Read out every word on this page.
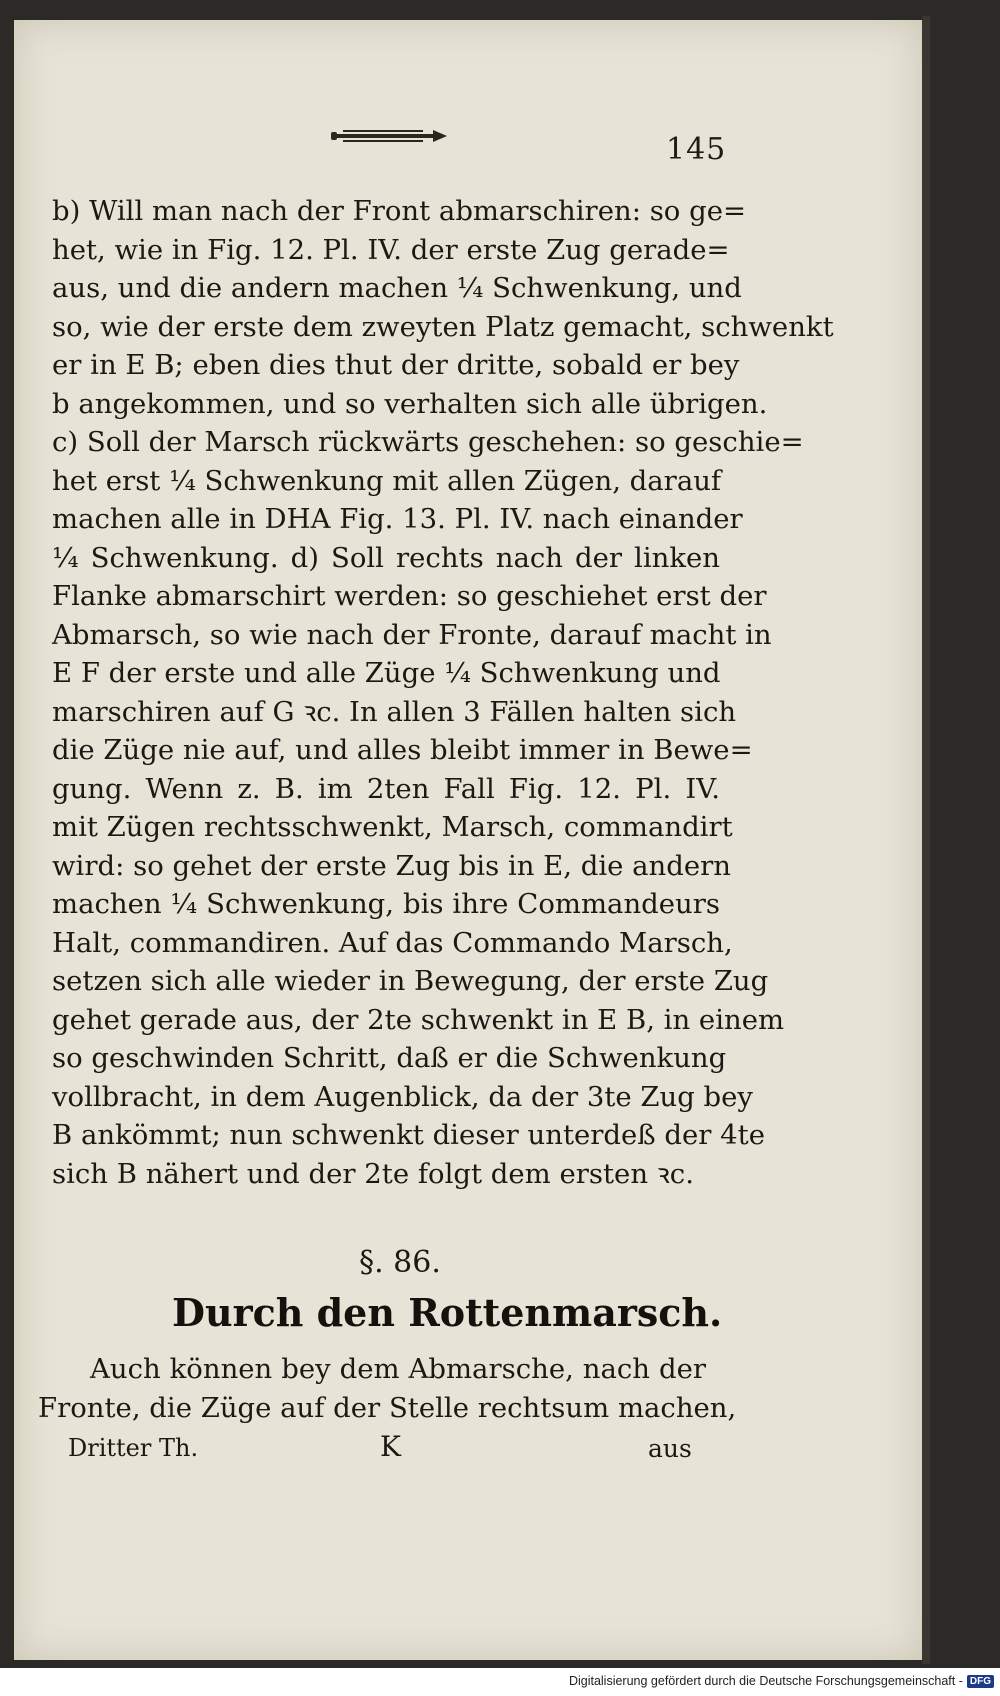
145
b) Will man nach der Front abmarschiren: so ge=
het, wie in Fig. 12. Pl. IV. der erste Zug gerade=
aus, und die andern machen ¼ Schwenkung, und
so, wie der erste dem zweyten Platz gemacht, schwenkt
er in E B; eben dies thut der dritte, sobald er bey
b angekommen, und so verhalten sich alle übrigen.
c) Soll der Marsch rückwärts geschehen: so geschie=
het erst ¼ Schwenkung mit allen Zügen, darauf
machen alle in DHA Fig. 13. Pl. IV. nach einander
¼ Schwenkung. d) Soll rechts nach der linken
Flanke abmarschirt werden: so geschiehet erst der
Abmarsch, so wie nach der Fronte, darauf macht in
E F der erste und alle Züge ¼ Schwenkung und
marschiren auf G ꝛc. In allen 3 Fällen halten sich
die Züge nie auf, und alles bleibt immer in Bewe=
gung. Wenn z. B. im 2ten Fall Fig. 12. Pl. IV.
mit Zügen rechtsschwenkt, Marsch, commandirt
wird: so gehet der erste Zug bis in E, die andern
machen ¼ Schwenkung, bis ihre Commandeurs
Halt, commandiren. Auf das Commando Marsch,
setzen sich alle wieder in Bewegung, der erste Zug
gehet gerade aus, der 2te schwenkt in E B, in einem
so geschwinden Schritt, daß er die Schwenkung
vollbracht, in dem Augenblick, da der 3te Zug bey
B ankömmt; nun schwenkt dieser unterdeß der 4te
sich B nähert und der 2te folgt dem ersten ꝛc.
§. 86.
Durch den Rottenmarsch.
Auch können bey dem Abmarsche, nach der
Fronte, die Züge auf der Stelle rechtsum machen,
Dritter Th.	K	aus
Digitalisierung gefördert durch die Deutsche Forschungsgemeinschaft - DFG
